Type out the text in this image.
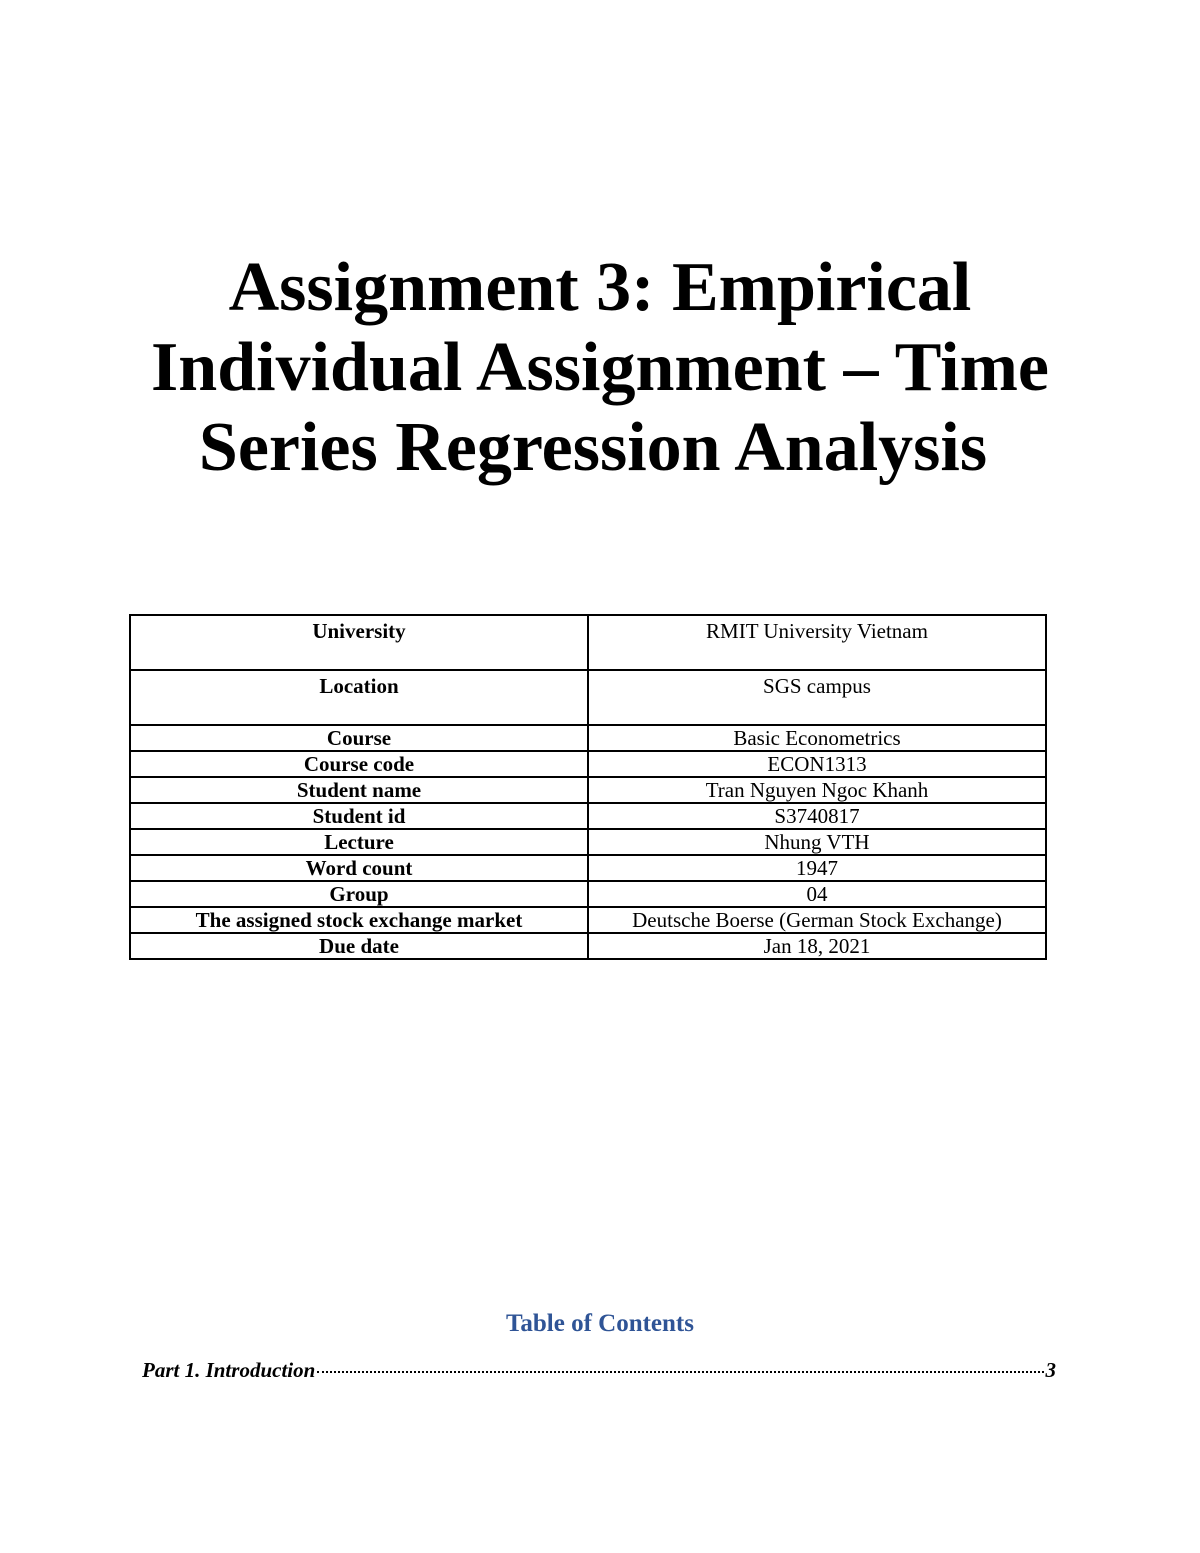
Assignment 3: Empirical
Individual Assignment – Time
Series Regression Analysis
University	RMIT University Vietnam
Location	SGS campus
Course	Basic Econometrics
Course code	ECON1313
Student name	Tran Nguyen Ngoc Khanh
Student id	S3740817
Lecture	Nhung VTH
Word count	1947
Group	04
The assigned stock exchange market	Deutsche Boerse (German Stock Exchange)
Due date	Jan 18, 2021
Table of Contents
Part 1. Introduction	3
